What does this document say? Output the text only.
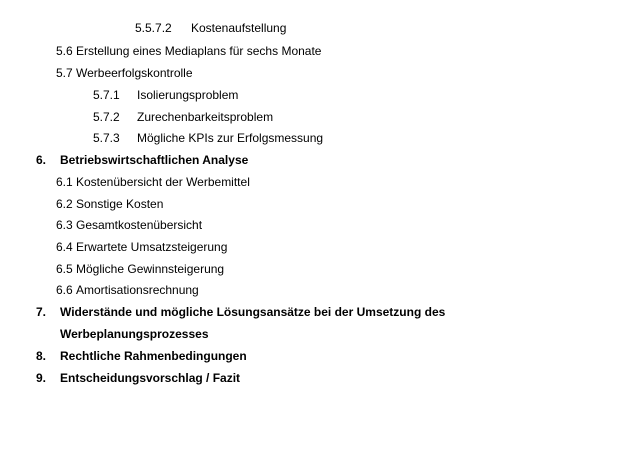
5.5.7.2 Kostenaufstellung
5.6 Erstellung eines Mediaplans für sechs Monate
5.7 Werbeerfolgskontrolle
5.7.1 Isolierungsproblem
5.7.2 Zurechenbarkeitsproblem
5.7.3 Mögliche KPIs zur Erfolgsmessung
6. Betriebswirtschaftlichen Analyse
6.1 Kostenübersicht der Werbemittel
6.2 Sonstige Kosten
6.3 Gesamtkostenübersicht
6.4 Erwartete Umsatzsteigerung
6.5 Mögliche Gewinnsteigerung
6.6 Amortisationsrechnung
7. Widerstände und mögliche Lösungsansätze bei der Umsetzung des
Werbeplanungsprozesses
8. Rechtliche Rahmenbedingungen
9. Entscheidungsvorschlag / Fazit
